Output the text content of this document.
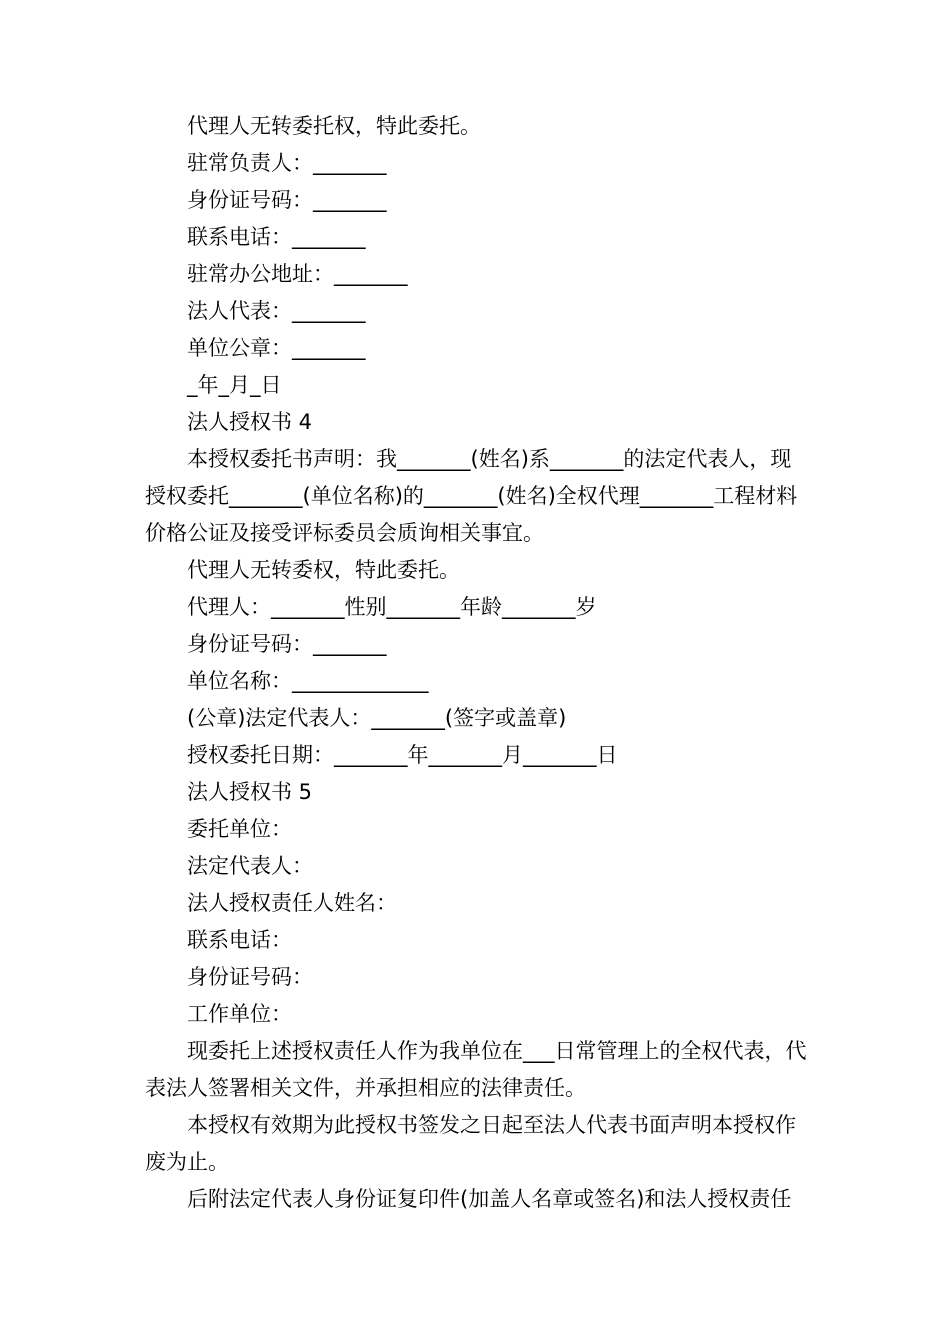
代理人无转委托权，特此委托。

驻常负责人：_______

身份证号码：_______

联系电话：_______

驻常办公地址：_______

法人代表：_______

单位公章：_______

_年_月_日

法人授权书 4

本授权委托书声明：我_______(姓名)系_______的法定代表人，现授权委托_______(单位名称)的_______(姓名)全权代理_______工程材料价格公证及接受评标委员会质询相关事宜。

代理人无转委权，特此委托。

代理人：_______性别_______年龄_______岁

身份证号码：_______

单位名称：_____________

(公章)法定代表人：_______(签字或盖章)

授权委托日期：_______年_______月_______日

法人授权书 5

委托单位：

法定代表人：

法人授权责任人姓名：

联系电话：

身份证号码：

工作单位：

现委托上述授权责任人作为我单位在___日常管理上的全权代表，代表法人签署相关文件，并承担相应的法律责任。

本授权有效期为此授权书签发之日起至法人代表书面声明本授权作废为止。

后附法定代表人身份证复印件(加盖人名章或签名)和法人授权责任
